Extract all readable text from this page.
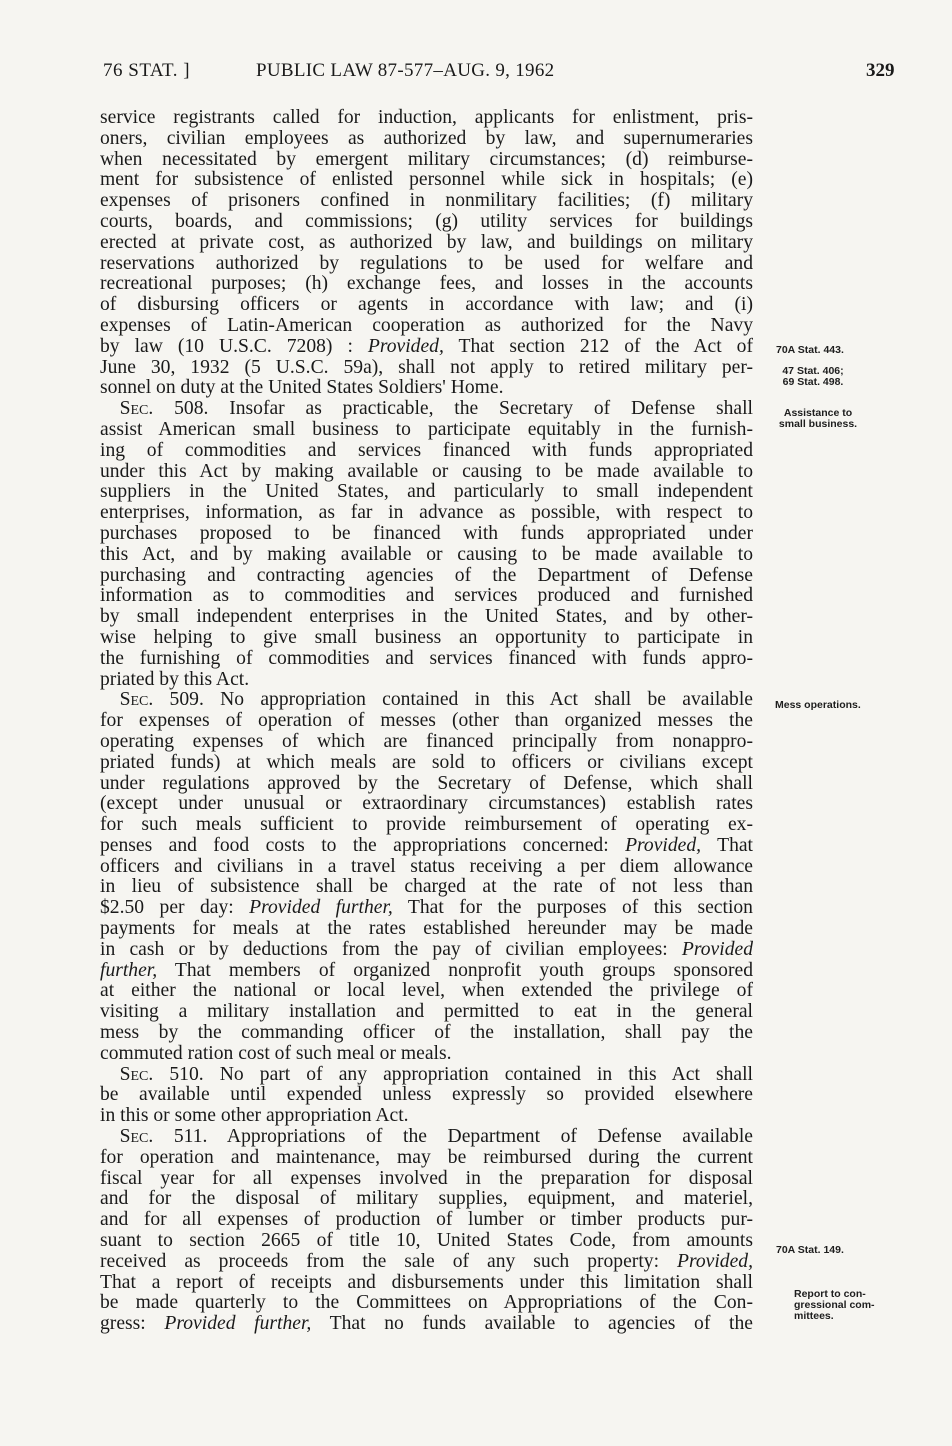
76 STAT. ]	PUBLIC LAW 87-577–AUG. 9, 1962	329

service registrants called for induction, applicants for enlistment, pris-
oners, civilian employees as authorized by law, and supernumeraries
when necessitated by emergent military circumstances; (d) reimburse-
ment for subsistence of enlisted personnel while sick in hospitals; (e)
expenses of prisoners confined in nonmilitary facilities; (f) military
courts, boards, and commissions; (g) utility services for buildings
erected at private cost, as authorized by law, and buildings on military
reservations authorized by regulations to be used for welfare and
recreational purposes; (h) exchange fees, and losses in the accounts
of disbursing officers or agents in accordance with law; and (i)
expenses of Latin-American cooperation as authorized for the Navy
by law (10 U.S.C. 7208) : Provided, That section 212 of the Act of
June 30, 1932 (5 U.S.C. 59a), shall not apply to retired military per-
sonnel on duty at the United States Soldiers' Home.

 Sec. 508. Insofar as practicable, the Secretary of Defense shall
assist American small business to participate equitably in the furnish-
ing of commodities and services financed with funds appropriated
under this Act by making available or causing to be made available to
suppliers in the United States, and particularly to small independent
enterprises, information, as far in advance as possible, with respect to
purchases proposed to be financed with funds appropriated under
this Act, and by making available or causing to be made available to
purchasing and contracting agencies of the Department of Defense
information as to commodities and services produced and furnished
by small independent enterprises in the United States, and by other-
wise helping to give small business an opportunity to participate in
the furnishing of commodities and services financed with funds appro-
priated by this Act.

 Sec. 509. No appropriation contained in this Act shall be available
for expenses of operation of messes (other than organized messes the
operating expenses of which are financed principally from nonappro-
priated funds) at which meals are sold to officers or civilians except
under regulations approved by the Secretary of Defense, which shall
(except under unusual or extraordinary circumstances) establish rates
for such meals sufficient to provide reimbursement of operating ex-
penses and food costs to the appropriations concerned: Provided, That
officers and civilians in a travel status receiving a per diem allowance
in lieu of subsistence shall be charged at the rate of not less than
$2.50 per day: Provided further, That for the purposes of this section
payments for meals at the rates established hereunder may be made
in cash or by deductions from the pay of civilian employees: Provided
further, That members of organized nonprofit youth groups sponsored
at either the national or local level, when extended the privilege of
visiting a military installation and permitted to eat in the general
mess by the commanding officer of the installation, shall pay the
commuted ration cost of such meal or meals.

 Sec. 510. No part of any appropriation contained in this Act shall
be available until expended unless expressly so provided elsewhere
in this or some other appropriation Act.

 Sec. 511. Appropriations of the Department of Defense available
for operation and maintenance, may be reimbursed during the current
fiscal year for all expenses involved in the preparation for disposal
and for the disposal of military supplies, equipment, and materiel,
and for all expenses of production of lumber or timber products pur-
suant to section 2665 of title 10, United States Code, from amounts
received as proceeds from the sale of any such property: Provided,
That a report of receipts and disbursements under this limitation shall
be made quarterly to the Committees on Appropriations of the Con-
gress: Provided further, That no funds available to agencies of the

70A Stat. 443.
47 Stat. 406;
69 Stat. 498.
Assistance to
small business.
Mess operations.
70A Stat. 149.
Report to con-
gressional com-
mittees.
